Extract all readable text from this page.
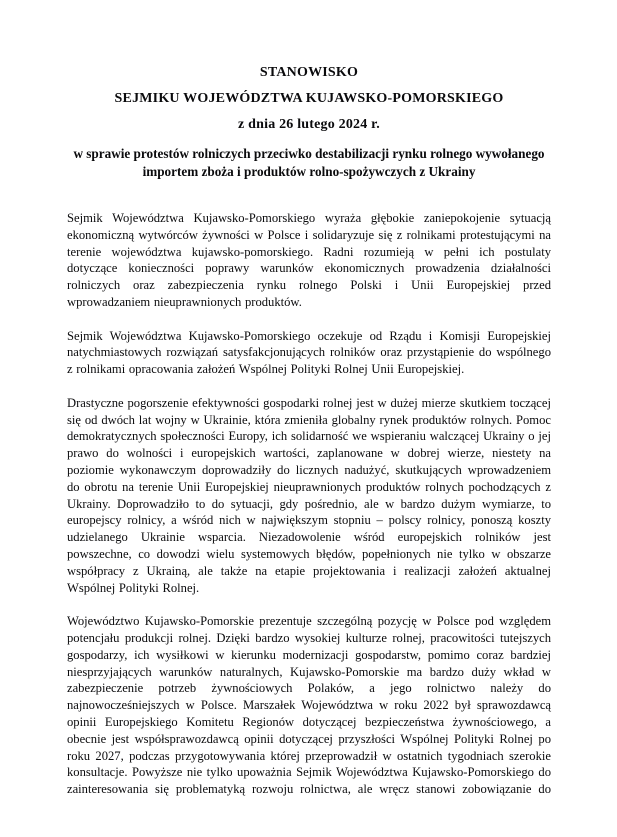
STANOWISKO
SEJMIKU WOJEWÓDZTWA KUJAWSKO-POMORSKIEGO
z dnia 26 lutego 2024 r.
w sprawie protestów rolniczych przeciwko destabilizacji rynku rolnego wywołanego importem zboża i produktów rolno-spożywczych z Ukrainy

Sejmik Województwa Kujawsko-Pomorskiego wyraża głębokie zaniepokojenie sytuacją ekonomiczną wytwórców żywności w Polsce i solidaryzuje się z rolnikami protestującymi na terenie województwa kujawsko-pomorskiego. Radni rozumieją w pełni ich postulaty dotyczące konieczności poprawy warunków ekonomicznych prowadzenia działalności rolniczych oraz zabezpieczenia rynku rolnego Polski i Unii Europejskiej przed wprowadzaniem nieuprawnionych produktów.

Sejmik Województwa Kujawsko-Pomorskiego oczekuje od Rządu i Komisji Europejskiej natychmiastowych rozwiązań satysfakcjonujących rolników oraz przystąpienie do wspólnego z rolnikami opracowania założeń Wspólnej Polityki Rolnej Unii Europejskiej.

Drastyczne pogorszenie efektywności gospodarki rolnej jest w dużej mierze skutkiem toczącej się od dwóch lat wojny w Ukrainie, która zmieniła globalny rynek produktów rolnych. Pomoc demokratycznych społeczności Europy, ich solidarność we wspieraniu walczącej Ukrainy o jej prawo do wolności i europejskich wartości, zaplanowane w dobrej wierze, niestety na poziomie wykonawczym doprowadziły do licznych nadużyć, skutkujących wprowadzeniem do obrotu na terenie Unii Europejskiej nieuprawnionych produktów rolnych pochodzących z Ukrainy. Doprowadziło to do sytuacji, gdy pośrednio, ale w bardzo dużym wymiarze, to europejscy rolnicy, a wśród nich w największym stopniu – polscy rolnicy, ponoszą koszty udzielanego Ukrainie wsparcia. Niezadowolenie wśród europejskich rolników jest powszechne, co dowodzi wielu systemowych błędów, popełnionych nie tylko w obszarze współpracy z Ukrainą, ale także na etapie projektowania i realizacji założeń aktualnej Wspólnej Polityki Rolnej.

Województwo Kujawsko-Pomorskie prezentuje szczególną pozycję w Polsce pod względem potencjału produkcji rolnej. Dzięki bardzo wysokiej kulturze rolnej, pracowitości tutejszych gospodarzy, ich wysiłkowi w kierunku modernizacji gospodarstw, pomimo coraz bardziej niesprzyjających warunków naturalnych, Kujawsko-Pomorskie ma bardzo duży wkład w zabezpieczenie potrzeb żywnościowych Polaków, a jego rolnictwo należy do najnowocześniejszych w Polsce. Marszałek Województwa w roku 2022 był sprawozdawcą opinii Europejskiego Komitetu Regionów dotyczącej bezpieczeństwa żywnościowego, a obecnie jest współsprawozdawcą opinii dotyczącej przyszłości Wspólnej Polityki Rolnej po roku 2027, podczas przygotowywania której przeprowadził w ostatnich tygodniach szerokie konsultacje. Powyższe nie tylko upoważnia Sejmik Województwa Kujawsko-Pomorskiego do zainteresowania się problematyką rozwoju rolnictwa, ale wręcz stanowi zobowiązanie do
